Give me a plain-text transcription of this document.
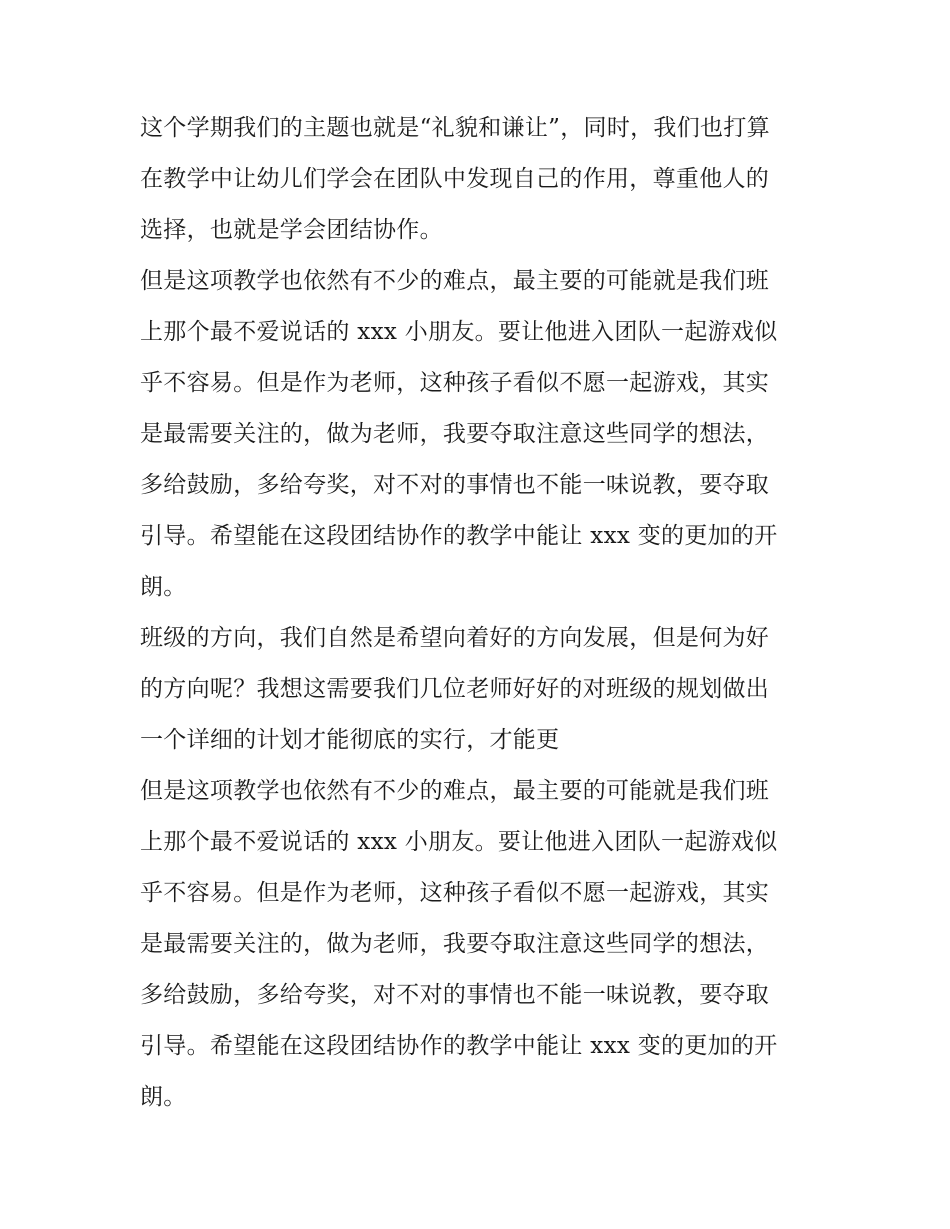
这个学期我们的主题也就是“礼貌和谦让”，同时，我们也打算
在教学中让幼儿们学会在团队中发现自己的作用，尊重他人的
选择，也就是学会团结协作。

但是这项教学也依然有不少的难点，最主要的可能就是我们班
上那个最不爱说话的 xxx 小朋友。要让他进入团队一起游戏似
乎不容易。但是作为老师，这种孩子看似不愿一起游戏，其实
是最需要关注的，做为老师，我要夺取注意这些同学的想法，
多给鼓励，多给夸奖，对不对的事情也不能一味说教，要夺取
引导。希望能在这段团结协作的教学中能让 xxx 变的更加的开
朗。

班级的方向，我们自然是希望向着好的方向发展，但是何为好
的方向呢？我想这需要我们几位老师好好的对班级的规划做出
一个详细的计划才能彻底的实行，才能更

但是这项教学也依然有不少的难点，最主要的可能就是我们班
上那个最不爱说话的 xxx 小朋友。要让他进入团队一起游戏似
乎不容易。但是作为老师，这种孩子看似不愿一起游戏，其实
是最需要关注的，做为老师，我要夺取注意这些同学的想法，
多给鼓励，多给夸奖，对不对的事情也不能一味说教，要夺取
引导。希望能在这段团结协作的教学中能让 xxx 变的更加的开
朗。
